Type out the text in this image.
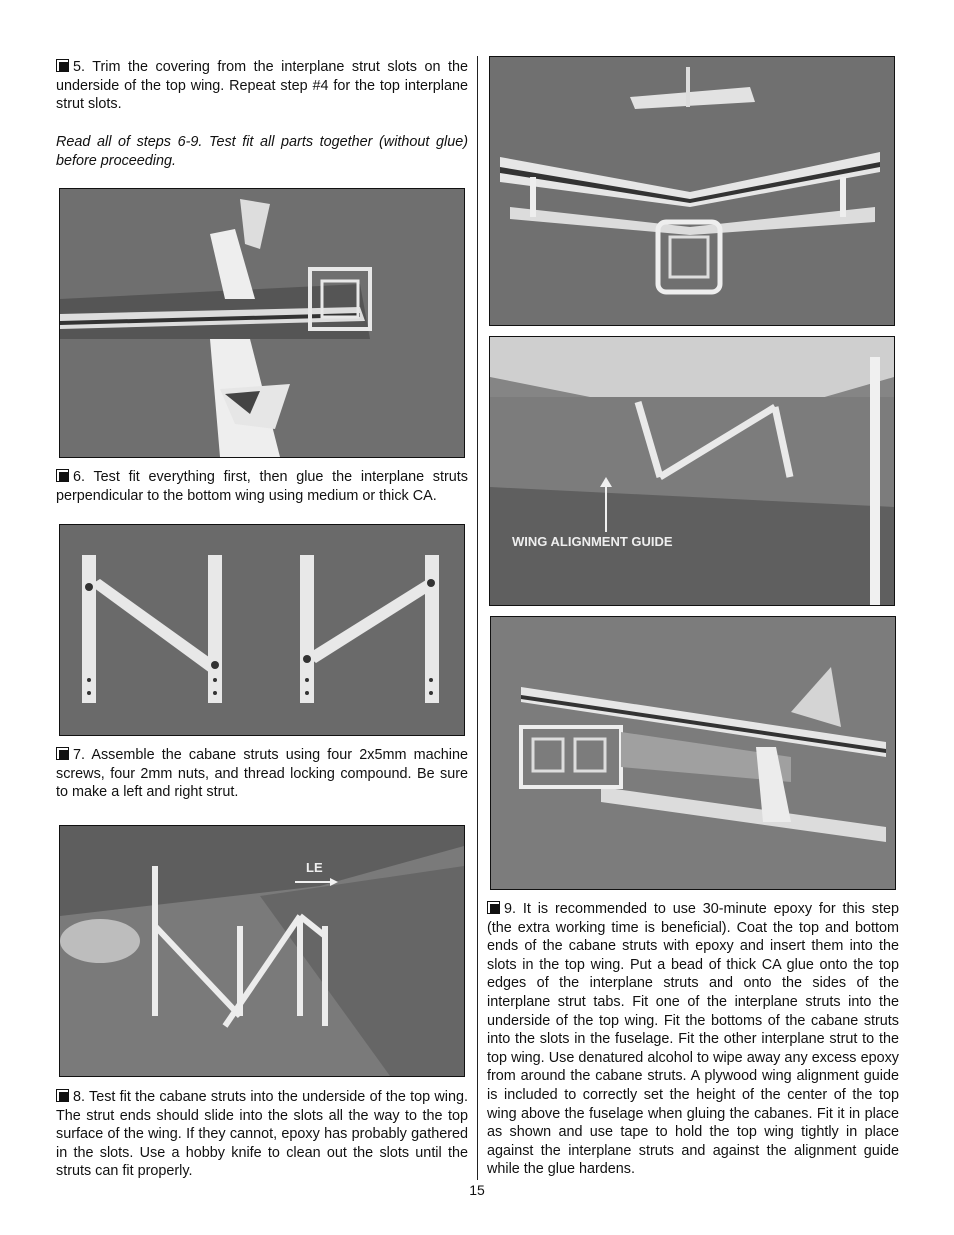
5. Trim the covering from the interplane strut slots on the underside of the top wing. Repeat step #4 for the top interplane strut slots.

Read all of steps 6-9. Test fit all parts together (without glue) before proceeding.

6. Test fit everything first, then glue the interplane struts perpendicular to the bottom wing using medium or thick CA.

7. Assemble the cabane struts using four 2x5mm machine screws, four 2mm nuts, and thread locking compound. Be sure to make a left and right strut.

LE

8. Test fit the cabane struts into the underside of the top wing. The strut ends should slide into the slots all the way to the top surface of the wing. If they cannot, epoxy has probably gathered in the slots. Use a hobby knife to clean out the slots until the struts can fit properly.

WING ALIGNMENT GUIDE

9. It is recommended to use 30-minute epoxy for this step (the extra working time is beneficial). Coat the top and bottom ends of the cabane struts with epoxy and insert them into the slots in the top wing. Put a bead of thick CA glue onto the top edges of the interplane struts and onto the sides of the interplane strut tabs. Fit one of the interplane struts into the underside of the top wing. Fit the bottoms of the cabane struts into the slots in the fuselage. Fit the other interplane strut to the top wing. Use denatured alcohol to wipe away any excess epoxy from around the cabane struts. A plywood wing alignment guide is included to correctly set the height of the center of the top wing above the fuselage when gluing the cabanes. Fit it in place as shown and use tape to hold the top wing tightly in place against the interplane struts and against the alignment guide while the glue hardens.

15
